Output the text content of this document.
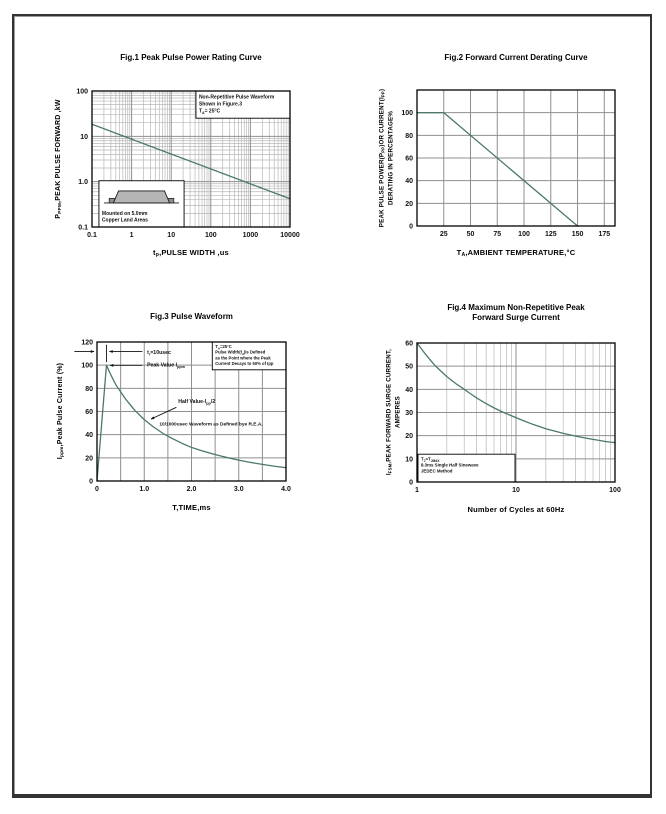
Fig.1 Peak Pulse Power Rating Curve
Non-Repetitive Pulse Waveform
Shown in Figure.3
$T_A= 25^\circ C$
Mounted on 5.0mm
Copper Land Areas
0.1	1	10	100	1000	10000
100
10
1.0
0.1
$P_{PPM},PEAK$ PULSE FORWARD ,kW
tp,PULSE WIDTH ,us
Fig.2 Forward Current Derating Curve
25	50	75 100 125 150 175
100
80
60
40
20
0
PEAK PULSE $POWER(P_{PP})OR$ $CURRENT(I_{PP})$
DERATING IN PERCENTAGE%
TA,AMBIENT TEMPERATURE,°C
Fig.3 Pulse Waveform
$T_A=25^\circ C$
Pulse $Width(t_d)is$ Defined
as the Point where the Peak
Current Decays to 50% of Ipp
$t_r=10usec$
Peak Value $I_{ppm}$
Half Value-$I_{pp}/2$
10/1000usec Waveform as Defined bye R.E.A.
0	1.0	2.0	3.0	4.0
120
100
80
60
40
20
0
$I_{ppm},Peak$ Pulse Current (%)
T,TIME,ms
Fig.4 Maximum Non-Repetitive Peak
Forward Surge Current
$T_J=T_{JMAX}$
8.3ms Single Half Sinewave
JEDEC Method
1	10	100
60
50
40
30
20
10
0
$I_{FSM},PEAK$ FORWARD SURGE CURRENT, AMPERES
Number of Cycles at 60Hz
